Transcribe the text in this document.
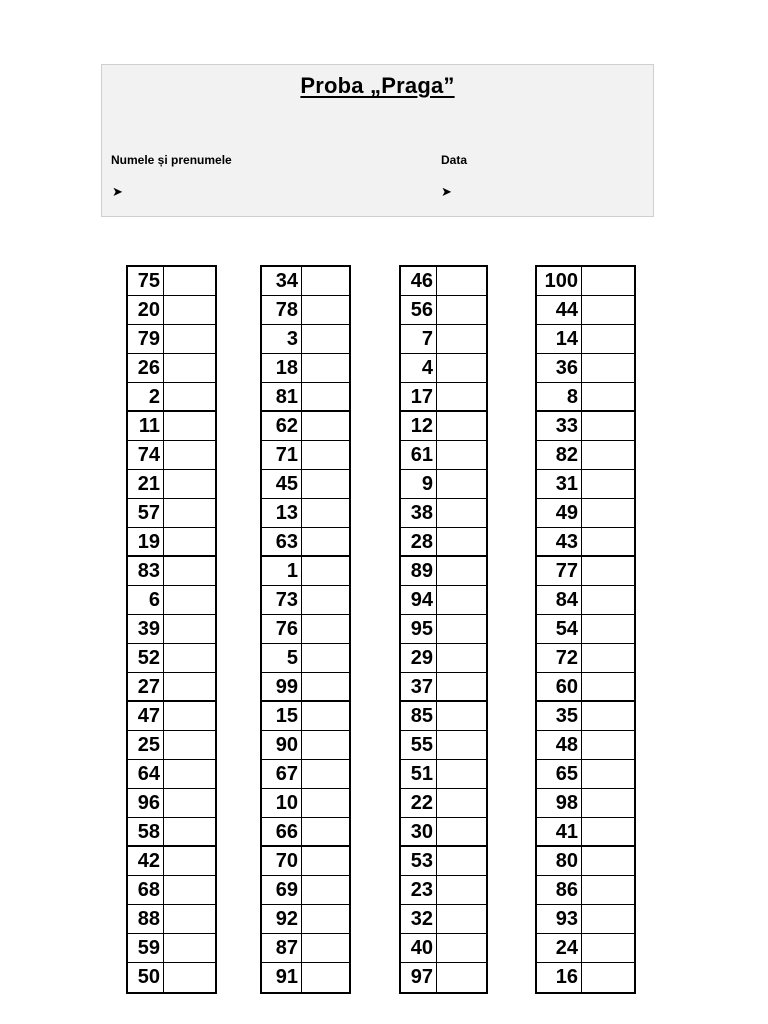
Proba „Praga”
Numele și prenumele	Data
➤	➤
75
20
79
26
2
11
74
21
57
19
83
6
39
52
27
47
25
64
96
58
42
68
88
59
50
34
78
3
18
81
62
71
45
13
63
1
73
76
5
99
15
90
67
10
66
70
69
92
87
91
46
56
7
4
17
12
61
9
38
28
89
94
95
29
37
85
55
51
22
30
53
23
32
40
97
100
44
14
36
8
33
82
31
49
43
77
84
54
72
60
35
48
65
98
41
80
86
93
24
16
